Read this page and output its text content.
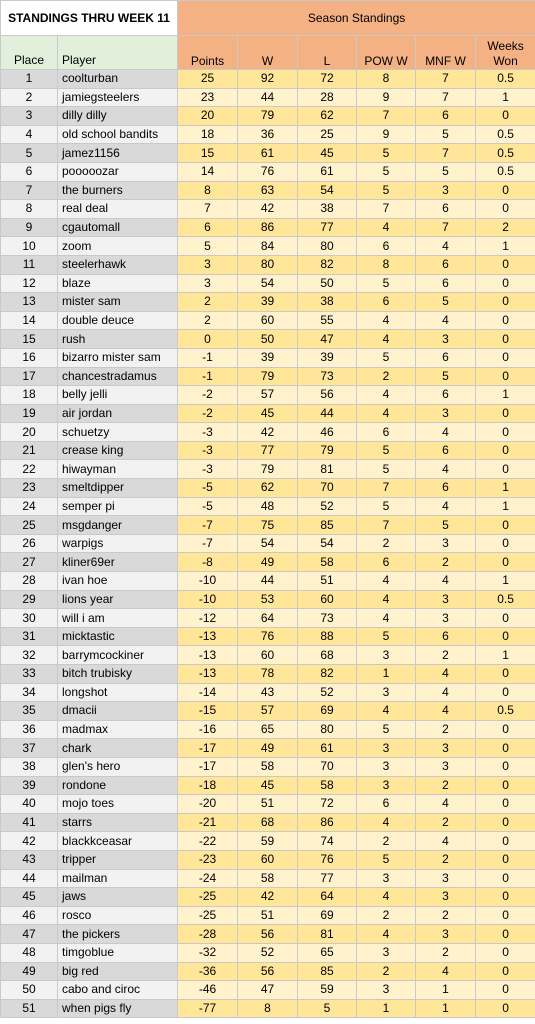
STANDINGS THRU WEEK 11		Season Standings					
Place	Player	Points	W	L	POW W	MNF W	Weeks
Won
1	coolturban	25	92	72	8	7	0.5
2	jamiegsteelers	23	44	28	9	7	1
3	dilly dilly	20	79	62	7	6	0
4	old school bandits	18	36	25	9	5	0.5
5	jamez1156	15	61	45	5	7	0.5
6	pooooozar	14	76	61	5	5	0.5
7	the burners	8	63	54	5	3	0
8	real deal	7	42	38	7	6	0
9	cgautomall	6	86	77	4	7	2
10	zoom	5	84	80	6	4	1
11	steelerhawk	3	80	82	8	6	0
12	blaze	3	54	50	5	6	0
13	mister sam	2	39	38	6	5	0
14	double deuce	2	60	55	4	4	0
15	rush	0	50	47	4	3	0
16	bizarro mister sam	-1	39	39	5	6	0
17	chancestradamus	-1	79	73	2	5	0
18	belly jelli	-2	57	56	4	6	1
19	air jordan	-2	45	44	4	3	0
20	schuetzy	-3	42	46	6	4	0
21	crease king	-3	77	79	5	6	0
22	hiwayman	-3	79	81	5	4	0
23	smeltdipper	-5	62	70	7	6	1
24	semper pi	-5	48	52	5	4	1
25	msgdanger	-7	75	85	7	5	0
26	warpigs	-7	54	54	2	3	0
27	kliner69er	-8	49	58	6	2	0
28	ivan hoe	-10	44	51	4	4	1
29	lions year	-10	53	60	4	3	0.5
30	will i am	-12	64	73	4	3	0
31	micktastic	-13	76	88	5	6	0
32	barrymcockiner	-13	60	68	3	2	1
33	bitch trubisky	-13	78	82	1	4	0
34	longshot	-14	43	52	3	4	0
35	dmacii	-15	57	69	4	4	0.5
36	madmax	-16	65	80	5	2	0
37	chark	-17	49	61	3	3	0
38	glen's hero	-17	58	70	3	3	0
39	rondone	-18	45	58	3	2	0
40	mojo toes	-20	51	72	6	4	0
41	starrs	-21	68	86	4	2	0
42	blackkceasar	-22	59	74	2	4	0
43	tripper	-23	60	76	5	2	0
44	mailman	-24	58	77	3	3	0
45	jaws	-25	42	64	4	3	0
46	rosco	-25	51	69	2	2	0
47	the pickers	-28	56	81	4	3	0
48	timgoblue	-32	52	65	3	2	0
49	big red	-36	56	85	2	4	0
50	cabo and ciroc	-46	47	59	3	1	0
51	when pigs fly	-77	8	5	1	1	0
